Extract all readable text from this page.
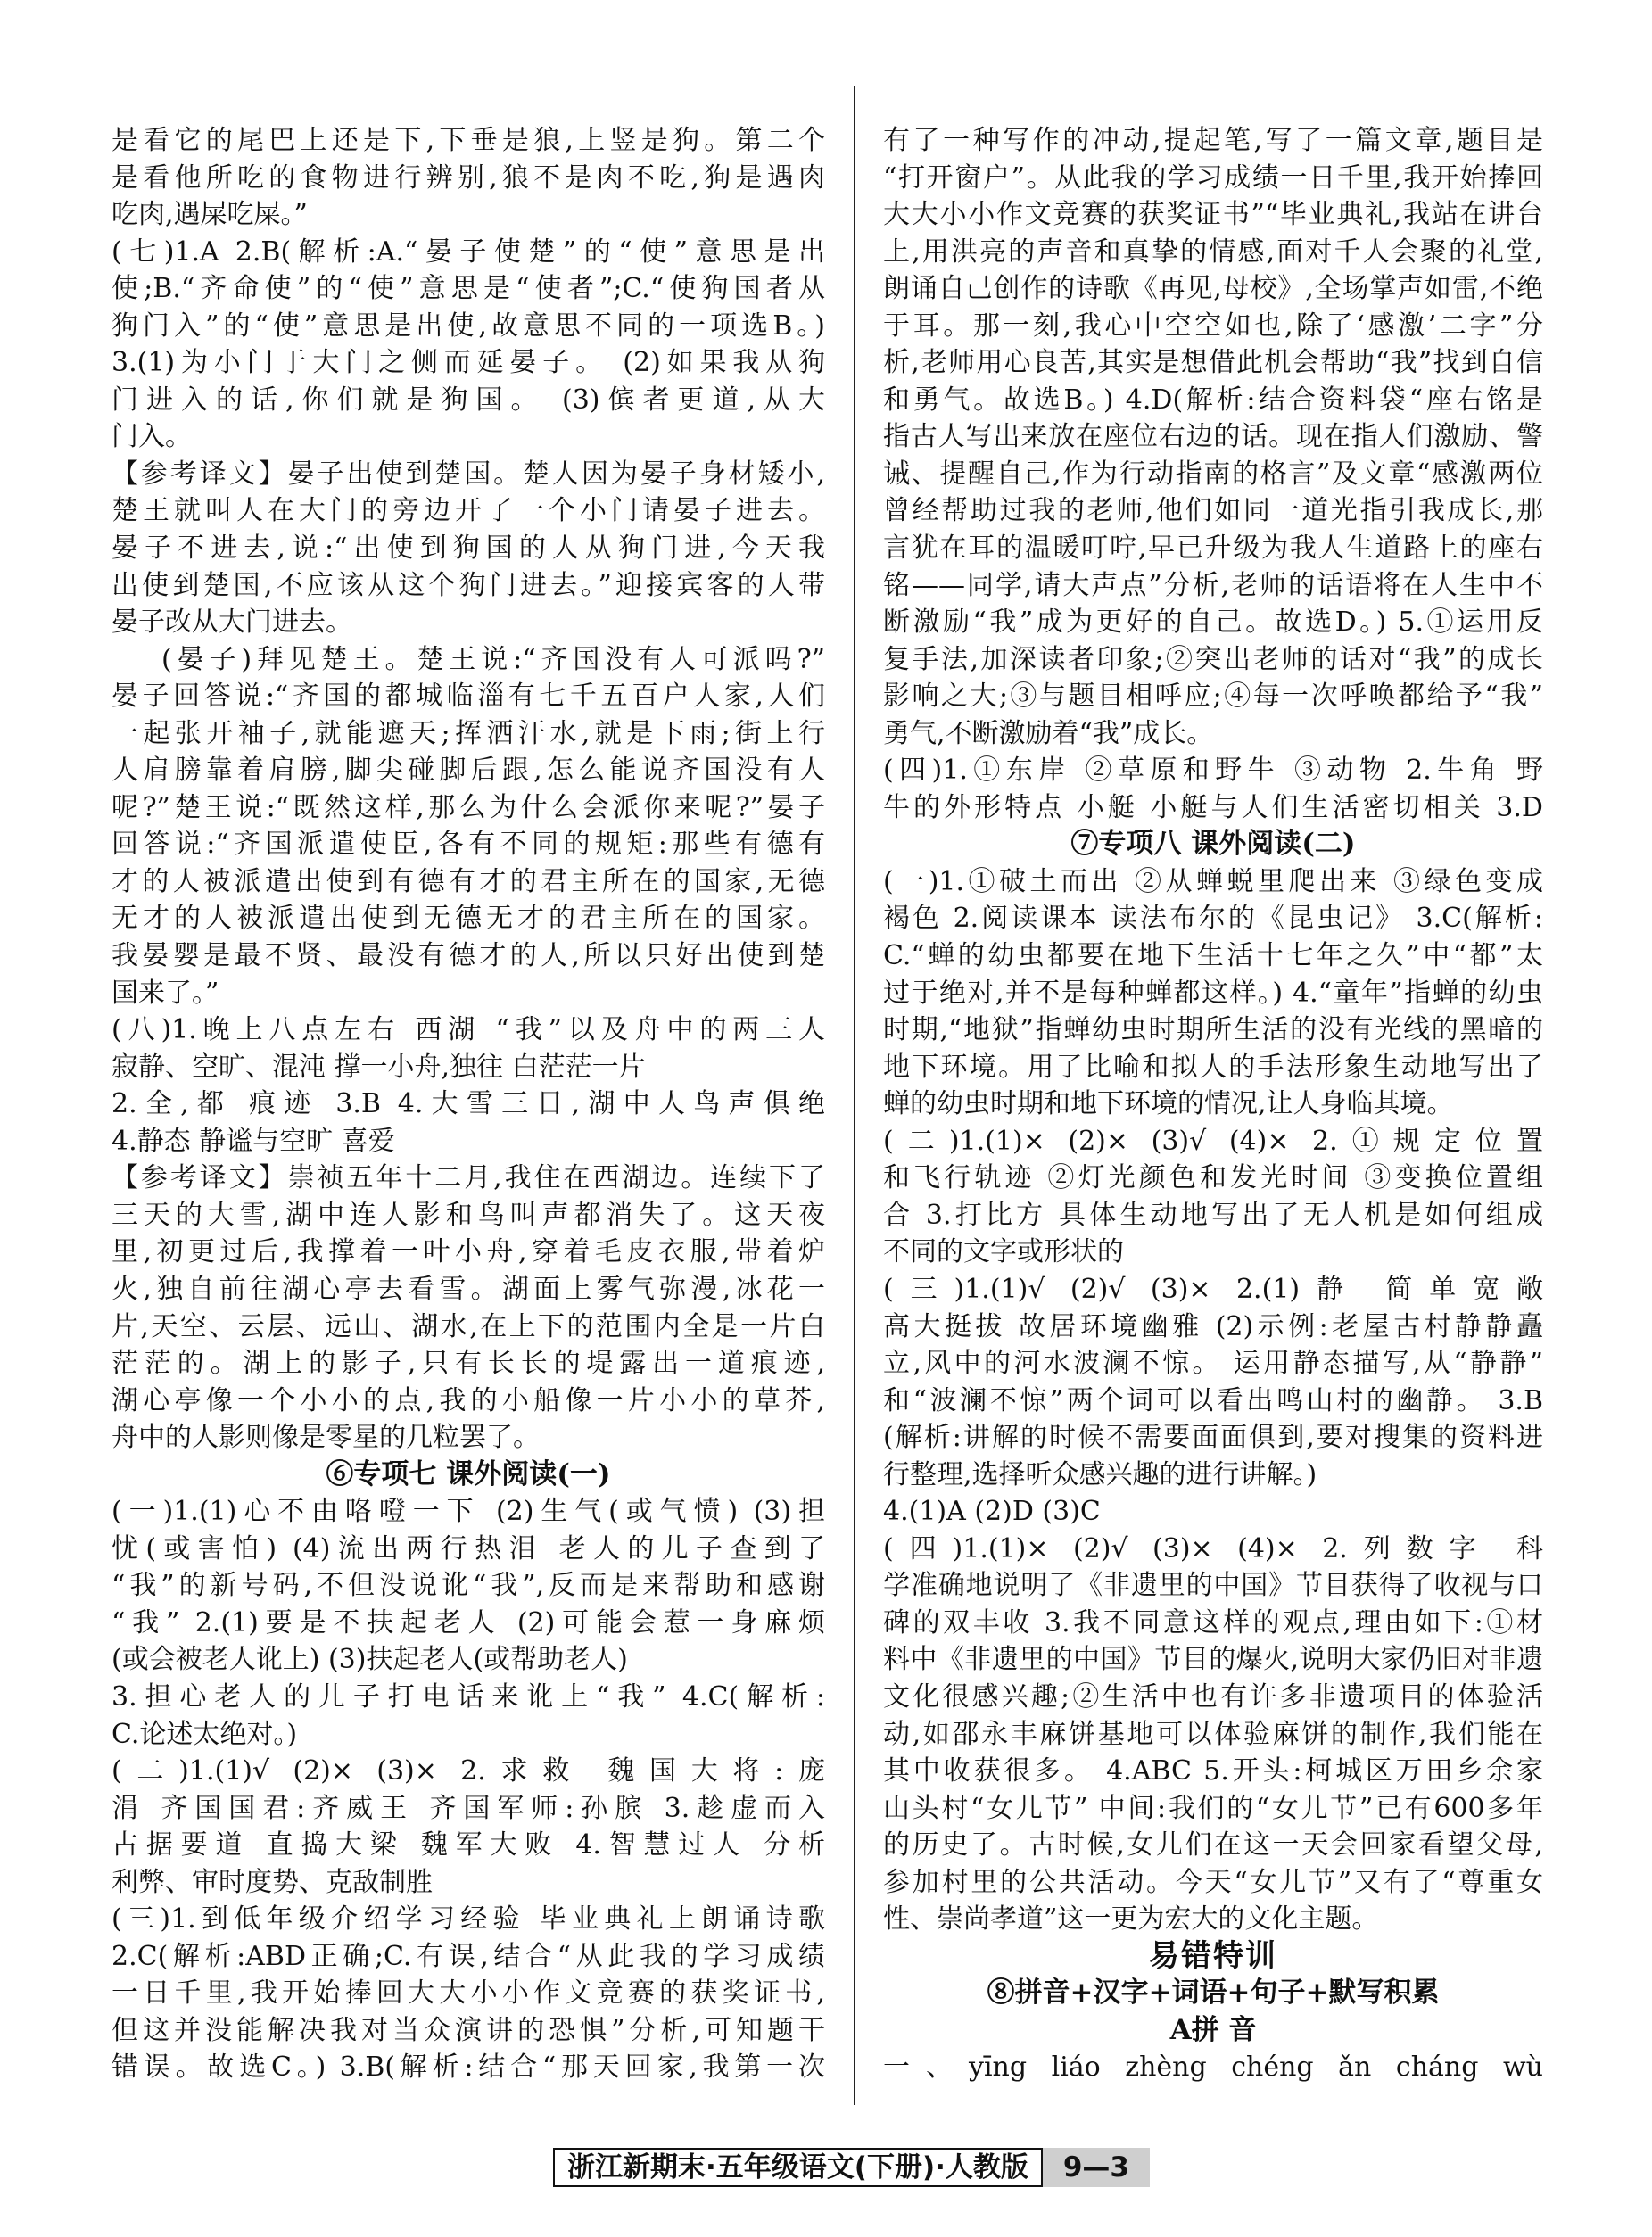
是看它的尾巴上还是下,下垂是狼,上竖是狗。第二个
是看他所吃的食物进行辨别,狼不是肉不吃,狗是遇肉
吃肉,遇屎吃屎。”
(七)1.A 2.B(解析:A.“晏子使楚”的“使”意思是出
使;B.“齐命使”的“使”意思是“使者”;C.“使狗国者从
狗门入”的“使”意思是出使,故意思不同的一项选B。)
3.(1)为小门于大门之侧而延晏子。 (2)如果我从狗
门进入的话,你们就是狗国。 (3)傧者更道,从大
门入。
【参考译文】晏子出使到楚国。楚人因为晏子身材矮小,
楚王就叫人在大门的旁边开了一个小门请晏子进去。
晏子不进去,说:“出使到狗国的人从狗门进,今天我
出使到楚国,不应该从这个狗门进去。”迎接宾客的人带
晏子改从大门进去。
(晏子)拜见楚王。楚王说:“齐国没有人可派吗?”
晏子回答说:“齐国的都城临淄有七千五百户人家,人们
一起张开袖子,就能遮天;挥洒汗水,就是下雨;街上行
人肩膀靠着肩膀,脚尖碰脚后跟,怎么能说齐国没有人
呢?”楚王说:“既然这样,那么为什么会派你来呢?”晏子
回答说:“齐国派遣使臣,各有不同的规矩:那些有德有
才的人被派遣出使到有德有才的君主所在的国家,无德
无才的人被派遣出使到无德无才的君主所在的国家。
我晏婴是最不贤、最没有德才的人,所以只好出使到楚
国来了。”
(八)1.晚上八点左右 西湖 “我”以及舟中的两三人
寂静、空旷、混沌 撑一小舟,独往 白茫茫一片
2.全,都 痕迹 3.B 4.大雪三日,湖中人鸟声俱绝
4.静态 静谧与空旷 喜爱
【参考译文】崇祯五年十二月,我住在西湖边。连续下了
三天的大雪,湖中连人影和鸟叫声都消失了。这天夜
里,初更过后,我撑着一叶小舟,穿着毛皮衣服,带着炉
火,独自前往湖心亭去看雪。湖面上雾气弥漫,冰花一
片,天空、云层、远山、湖水,在上下的范围内全是一片白
茫茫的。湖上的影子,只有长长的堤露出一道痕迹,
湖心亭像一个小小的点,我的小船像一片小小的草芥,
舟中的人影则像是零星的几粒罢了。
⑥专项七 课外阅读(一)
(一)1.(1)心不由咯噔一下 (2)生气(或气愤) (3)担
忧(或害怕) (4)流出两行热泪 老人的儿子查到了
“我”的新号码,不但没说讹“我”,反而是来帮助和感谢
“我” 2.(1)要是不扶起老人 (2)可能会惹一身麻烦
(或会被老人讹上) (3)扶起老人(或帮助老人)
3.担心老人的儿子打电话来讹上“我” 4.C(解析:
C.论述太绝对。)
(二)1.(1)√ (2)× (3)× 2.求救 魏国大将:庞
涓 齐国国君:齐威王 齐国军师:孙膑 3.趁虚而入
占据要道 直捣大梁 魏军大败 4.智慧过人 分析
利弊、审时度势、克敌制胜
(三)1.到低年级介绍学习经验 毕业典礼上朗诵诗歌
2.C(解析:ABD正确;C.有误,结合“从此我的学习成绩
一日千里,我开始捧回大大小小作文竞赛的获奖证书,
但这并没能解决我对当众演讲的恐惧”分析,可知题干
错误。故选C。) 3.B(解析:结合“那天回家,我第一次
有了一种写作的冲动,提起笔,写了一篇文章,题目是
“打开窗户”。从此我的学习成绩一日千里,我开始捧回
大大小小作文竞赛的获奖证书”“毕业典礼,我站在讲台
上,用洪亮的声音和真挚的情感,面对千人会聚的礼堂,
朗诵自己创作的诗歌《再见,母校》,全场掌声如雷,不绝
于耳。那一刻,我心中空空如也,除了‘感激’二字”分
析,老师用心良苦,其实是想借此机会帮助“我”找到自信
和勇气。故选B。) 4.D(解析:结合资料袋“座右铭是
指古人写出来放在座位右边的话。现在指人们激励、警
诫、提醒自己,作为行动指南的格言”及文章“感激两位
曾经帮助过我的老师,他们如同一道光指引我成长,那
言犹在耳的温暖叮咛,早已升级为我人生道路上的座右
铭——同学,请大声点”分析,老师的话语将在人生中不
断激励“我”成为更好的自己。故选D。) 5.①运用反
复手法,加深读者印象;②突出老师的话对“我”的成长
影响之大;③与题目相呼应;④每一次呼唤都给予“我”
勇气,不断激励着“我”成长。
(四)1.①东岸 ②草原和野牛 ③动物 2.牛角 野
牛的外形特点 小艇 小艇与人们生活密切相关 3.D
⑦专项八 课外阅读(二)
(一)1.①破土而出 ②从蝉蜕里爬出来 ③绿色变成
褐色 2.阅读课本 读法布尔的《昆虫记》 3.C(解析:
C.“蝉的幼虫都要在地下生活十七年之久”中“都”太
过于绝对,并不是每种蝉都这样。) 4.“童年”指蝉的幼虫
时期,“地狱”指蝉幼虫时期所生活的没有光线的黑暗的
地下环境。用了比喻和拟人的手法形象生动地写出了
蝉的幼虫时期和地下环境的情况,让人身临其境。
(二)1.(1)× (2)× (3)√ (4)× 2.①规定位置
和飞行轨迹 ②灯光颜色和发光时间 ③变换位置组
合 3.打比方 具体生动地写出了无人机是如何组成
不同的文字或形状的
(三)1.(1)√ (2)√ (3)× 2.(1)静 简单宽敞
高大挺拔 故居环境幽雅 (2)示例:老屋古村静静矗
立,风中的河水波澜不惊。 运用静态描写,从“静静”
和“波澜不惊”两个词可以看出鸣山村的幽静。 3.B
(解析:讲解的时候不需要面面俱到,要对搜集的资料进
行整理,选择听众感兴趣的进行讲解。)
4.(1)A (2)D (3)C
(四)1.(1)× (2)√ (3)× (4)× 2.列数字 科
学准确地说明了《非遗里的中国》节目获得了收视与口
碑的双丰收 3.我不同意这样的观点,理由如下:①材
料中《非遗里的中国》节目的爆火,说明大家仍旧对非遗
文化很感兴趣;②生活中也有许多非遗项目的体验活
动,如邵永丰麻饼基地可以体验麻饼的制作,我们能在
其中收获很多。 4.ABC 5.开头:柯城区万田乡余家
山头村“女儿节” 中间:我们的“女儿节”已有600多年
的历史了。古时候,女儿们在这一天会回家看望父母,
参加村里的公共活动。今天“女儿节”又有了“尊重女
性、崇尚孝道”这一更为宏大的文化主题。
易错特训
⑧拼音+汉字+词语+句子+默写积累
A拼 音
一、yīng liáo zhèng chéng ǎn cháng wù
浙江新期末·五年级语文(下册)·人教版	9—3
